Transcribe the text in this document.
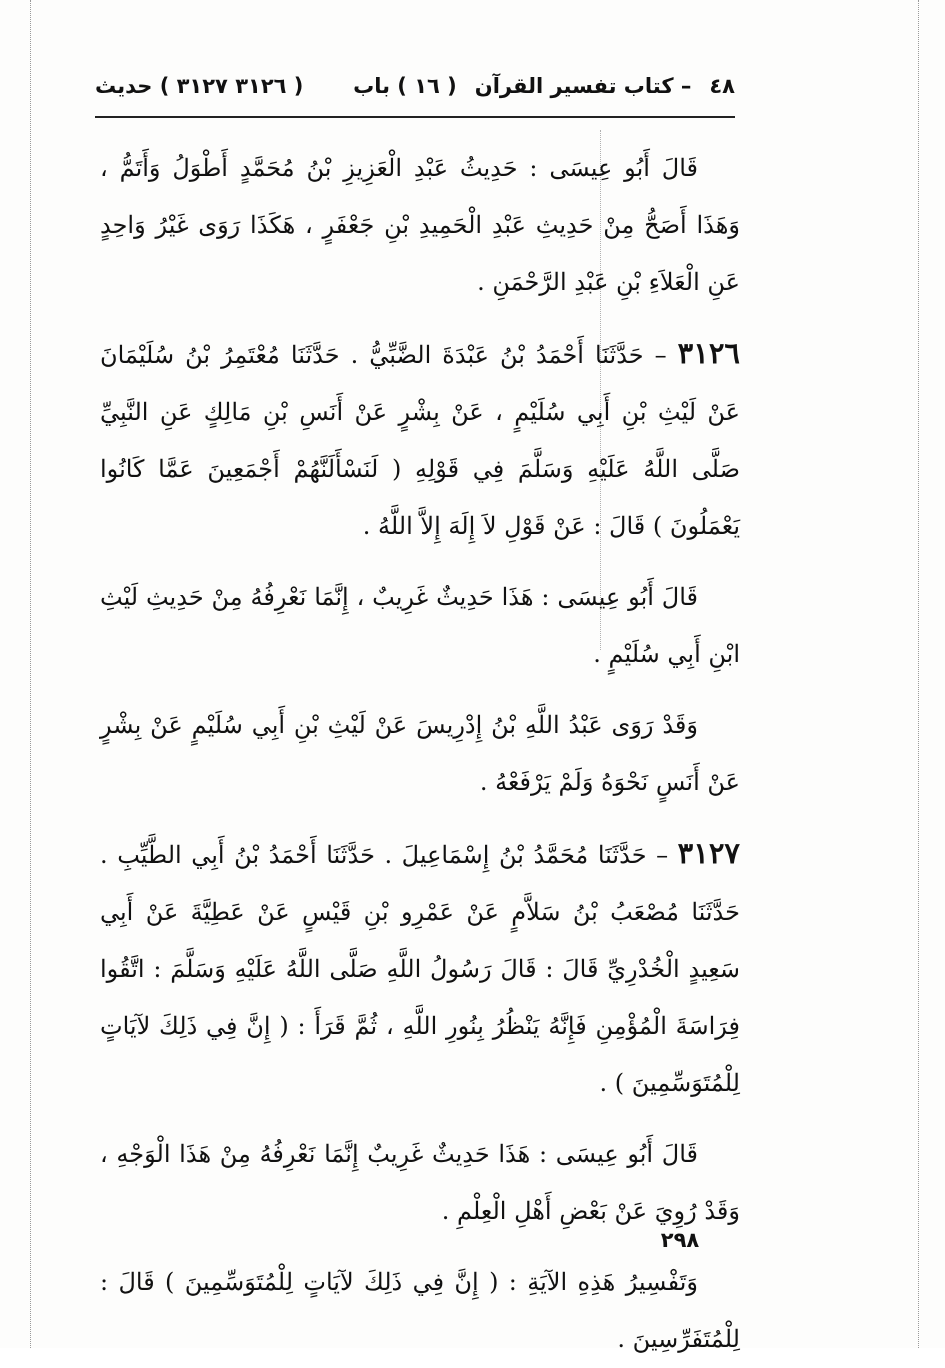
٤٨
– كتاب تفسير القرآن
( ١٦ ) باب
( ٣١٢٦ ٣١٢٧ ) حديث

قَالَ أَبُو عِيسَى : حَدِيثُ عَبْدِ الْعَزِيزِ بْنُ مُحَمَّدٍ أَطْوَلُ وَأَتَمُّ ، وَهَذَا أَصَحُّ مِنْ حَدِيثِ عَبْدِ الْحَمِيدِ بْنِ جَعْفَرٍ ، هَكَذَا رَوَى غَيْرُ وَاحِدٍ عَنِ الْعَلاَءِ بْنِ عَبْدِ الرَّحْمَنِ .

٣١٢٦ – حَدَّثَنَا أَحْمَدُ بْنُ عَبْدَةَ الضَّبِّيُّ . حَدَّثَنَا مُعْتَمِرُ بْنُ سُلَيْمَانَ عَنْ لَيْثِ بْنِ أَبِي سُلَيْمٍ ، عَنْ بِشْرٍ عَنْ أَنَسِ بْنِ مَالِكٍ عَنِ النَّبِيِّ صَلَّى اللَّهُ عَلَيْهِ وَسَلَّمَ فِي قَوْلِهِ ( لَنَسْأَلَنَّهُمْ أَجْمَعِينَ عَمَّا كَانُوا يَعْمَلُونَ ) قَالَ : عَنْ قَوْلِ لاَ إِلَهَ إِلاَّ اللَّهُ .

قَالَ أَبُو عِيسَى : هَذَا حَدِيثٌ غَرِيبٌ ، إِنَّمَا نَعْرِفُهُ مِنْ حَدِيثِ لَيْثِ ابْنِ أَبِي سُلَيْمٍ .

وَقَدْ رَوَى عَبْدُ اللَّهِ بْنُ إِدْرِيسَ عَنْ لَيْثِ بْنِ أَبِي سُلَيْمٍ عَنْ بِشْرٍ عَنْ أَنَسٍ نَحْوَهُ وَلَمْ يَرْفَعْهُ .

٣١٢٧ – حَدَّثَنَا مُحَمَّدُ بْنُ إِسْمَاعِيلَ . حَدَّثَنَا أَحْمَدُ بْنُ أَبِي الطَّيِّبِ . حَدَّثَنَا مُصْعَبُ بْنُ سَلاَّمٍ عَنْ عَمْرِو بْنِ قَيْسٍ عَنْ عَطِيَّةَ عَنْ أَبِي سَعِيدٍ الْخُدْرِيِّ قَالَ : قَالَ رَسُولُ اللَّهِ صَلَّى اللَّهُ عَلَيْهِ وَسَلَّمَ : اتَّقُوا فِرَاسَةَ الْمُؤْمِنِ فَإِنَّهُ يَنْظُرُ بِنُورِ اللَّهِ ، ثُمَّ قَرَأَ : ( إِنَّ فِي ذَلِكَ لآيَاتٍ لِلْمُتَوَسِّمِينَ ) .

قَالَ أَبُو عِيسَى : هَذَا حَدِيثٌ غَرِيبٌ إِنَّمَا نَعْرِفُهُ مِنْ هَذَا الْوَجْهِ ، وَقَدْ رُوِيَ عَنْ بَعْضِ أَهْلِ الْعِلْمِ .

وَتَفْسِيرُ هَذِهِ الآيَةِ : ( إِنَّ فِي ذَلِكَ لآيَاتٍ لِلْمُتَوَسِّمِينَ ) قَالَ : لِلْمُتَفَرِّسِينَ .

٢٩٨
